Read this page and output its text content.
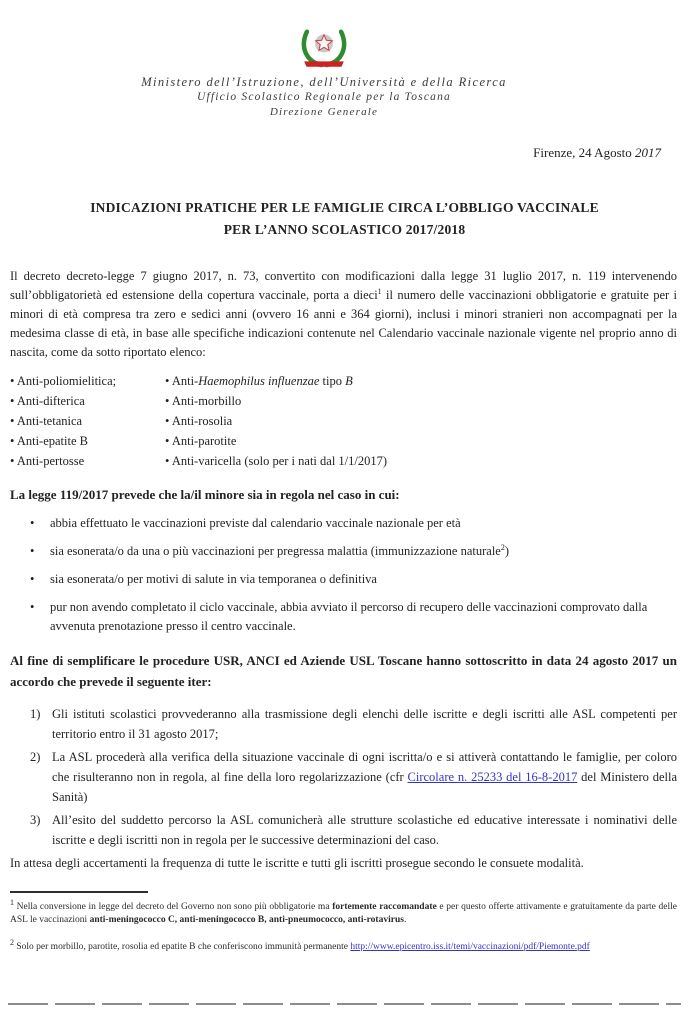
Ministero dell’Istruzione, dell’Università e della Ricerca
Ufficio Scolastico Regionale per la Toscana
Direzione Generale
Firenze, 24 Agosto 2017
INDICAZIONI PRATICHE PER LE FAMIGLIE CIRCA L’OBBLIGO VACCINALE
PER L’ANNO SCOLASTICO 2017/2018

Il decreto decreto-legge 7 giugno 2017, n. 73, convertito con modificazioni dalla legge 31 luglio 2017, n. 119 intervenendo sull’obbligatorietà ed estensione della copertura vaccinale, porta a dieci$^1$ il numero delle vaccinazioni obbligatorie e gratuite per i minori di età compresa tra zero e sedici anni (ovvero 16 anni e 364 giorni), inclusi i minori stranieri non accompagnati per la medesima classe di età, in base alle specifiche indicazioni contenute nel Calendario vaccinale nazionale vigente nel proprio anno di nascita, come da sotto riportato elenco:

• Anti-poliomielitica;
• Anti-difterica
• Anti-tetanica
• Anti-epatite B
• Anti-pertosse
• Anti-Haemophilus influenzae tipo B
• Anti-morbillo
• Anti-rosolia
• Anti-parotite
• Anti-varicella (solo per i nati dal 1/1/2017)

La legge 119/2017 prevede che la/il minore sia in regola nel caso in cui:

•	abbia effettuato le vaccinazioni previste dal calendario vaccinale nazionale per età
•	sia esonerata/o da una o più vaccinazioni per pregressa malattia (immunizzazione naturale$^2$)
•	sia esonerata/o per motivi di salute in via temporanea o definitiva
•	pur non avendo completato il ciclo vaccinale, abbia avviato il percorso di recupero delle vaccinazioni comprovato dalla avvenuta prenotazione presso il centro vaccinale.

Al fine di semplificare le procedure USR, ANCI ed Aziende USL Toscane hanno sottoscritto in data 24 agosto 2017 un accordo che prevede il seguente iter:

1) Gli istituti scolastici provvederanno alla trasmissione degli elenchi delle iscritte e degli iscritti alle ASL competenti per territorio entro il 31 agosto 2017;
2) La ASL procederà alla verifica della situazione vaccinale di ogni iscritta/o e si attiverà contattando le famiglie, per coloro che risulteranno non in regola, al fine della loro regolarizzazione (cfr Circolare n. 25233 del 16-8-2017 del Ministero della Sanità)
3) All’esito del suddetto percorso la ASL comunicherà alle strutture scolastiche ed educative interessate i nominativi delle iscritte e degli iscritti non in regola per le successive determinazioni del caso.

In attesa degli accertamenti la frequenza di tutte le iscritte e tutti gli iscritti prosegue secondo le consuete modalità.

$^1$ Nella conversione in legge del decreto del Governo non sono più obbligatorie ma fortemente raccomandate e per questo offerte attivamente e gratuitamente da parte delle ASL le vaccinazioni anti-meningococco C, anti-meningococco B, anti-pneumococco, anti-rotavirus.
$^2$ Solo per morbillo, parotite, rosolia ed epatite B che conferiscono immunità permanente http://www.epicentro.iss.it/temi/vaccinazioni/pdf/Piemonte.pdf
